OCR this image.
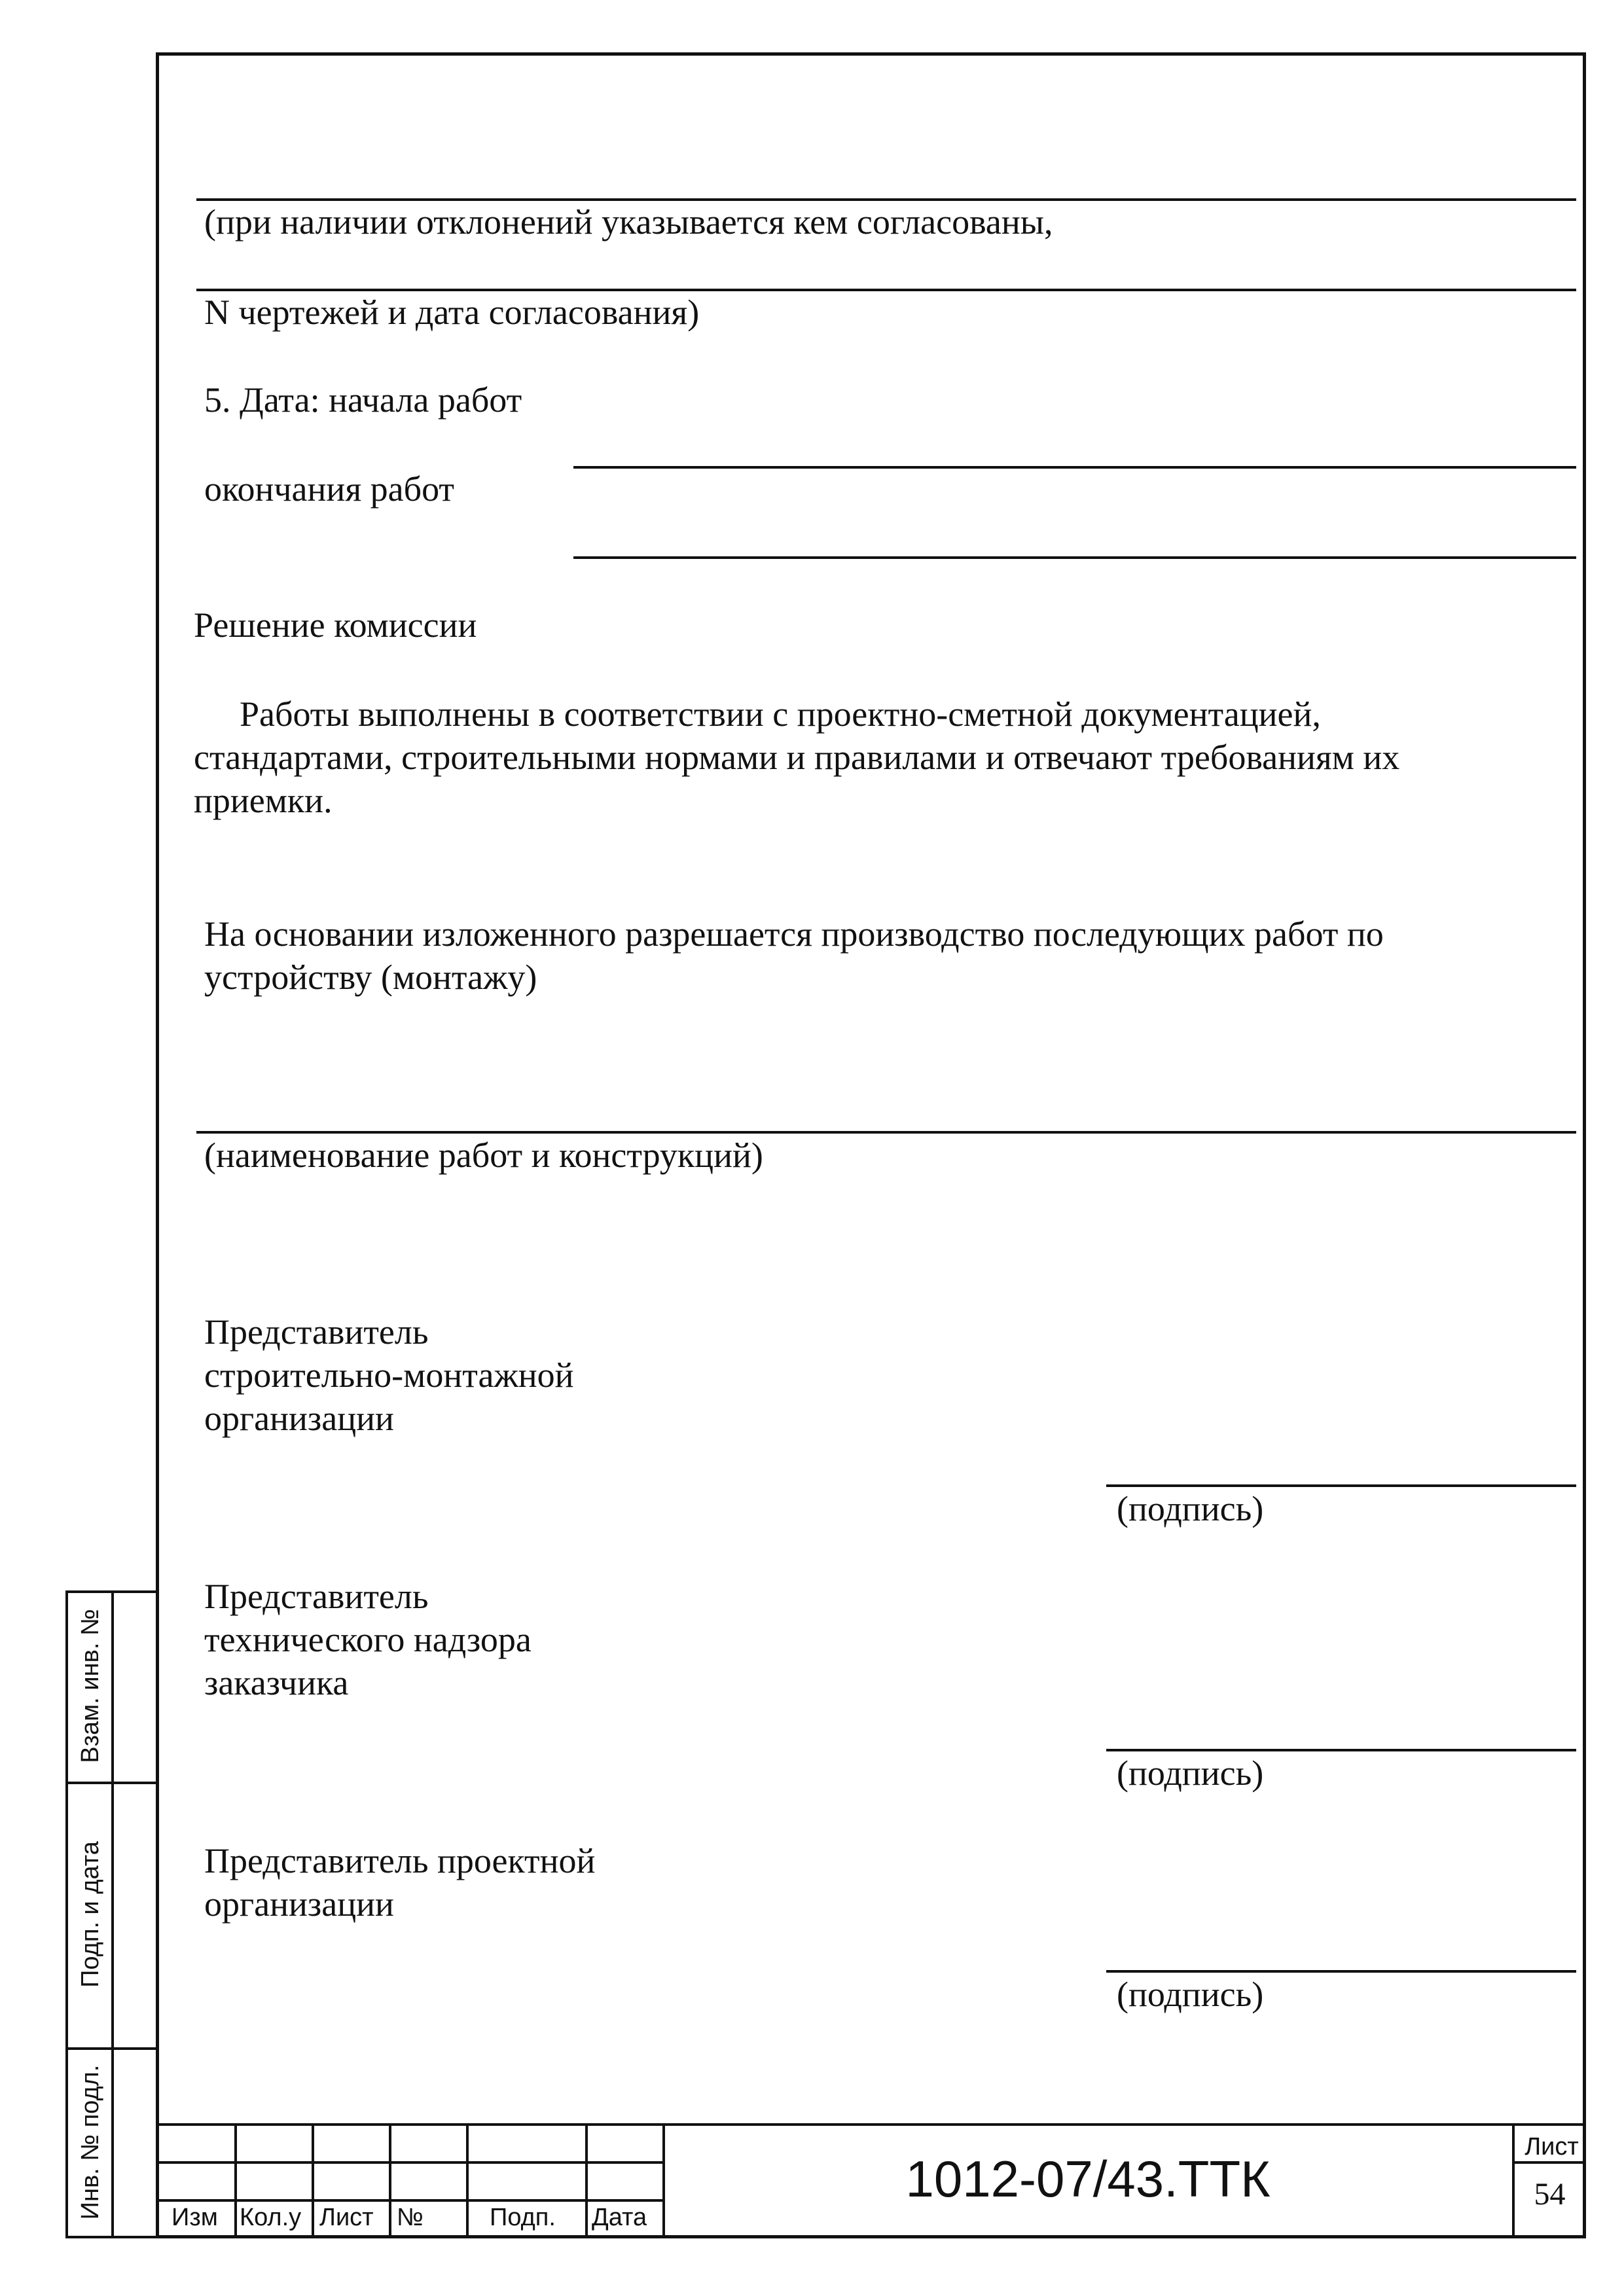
(при наличии отклонений указывается кем согласованы,
N чертежей и дата согласования)
5. Дата: начала работ
окончания работ
Решение комиссии
Работы выполнены в соответствии с проектно-сметной документацией, стандартами, строительными нормами и правилами и отвечают требованиям их приемки.
На основании изложенного разрешается производство последующих работ по
устройству (монтажу)
(наименование работ и конструкций)
Представитель
строительно-монтажной
организации
(подпись)
Представитель
технического надзора
заказчика
(подпись)
Представитель проектной
организации
(подпись)
Взам. инв. №
Подп. и дата
Инв. № подл.	Изм Кол.у Лист №	Подп. Дата
1012-07/43.ТТК
Лист
54
